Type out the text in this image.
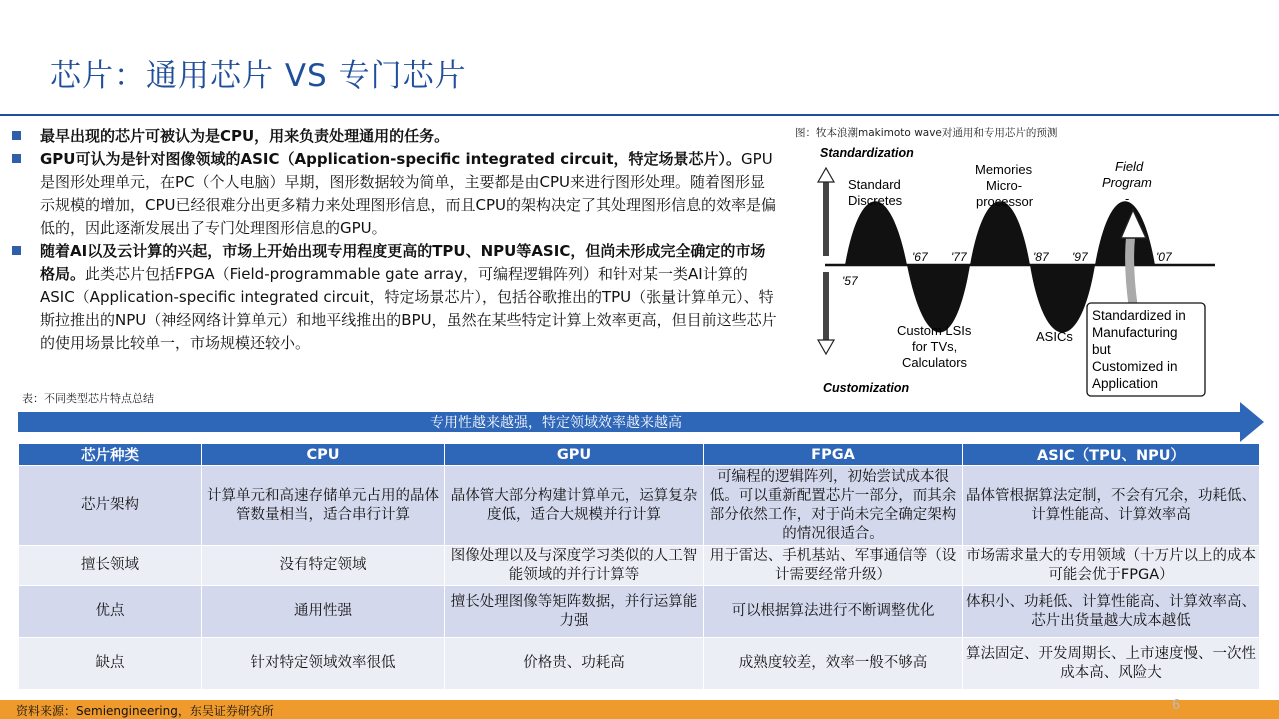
芯片：通用芯片 VS 专门芯片
最早出现的芯片可被认为是CPU，用来负责处理通用的任务。
GPU可认为是针对图像领域的ASIC（Application-specific integrated circuit，特定场景芯片）。GPU是图形处理单元，在PC（个人电脑）早期，图形数据较为简单，主要都是由CPU来进行图形处理。随着图形显示规模的增加，CPU已经很难分出更多精力来处理图形信息，而且CPU的架构决定了其处理图形信息的效率是偏低的，因此逐渐发展出了专门处理图形信息的GPU。
随着AI以及云计算的兴起，市场上开始出现专用程度更高的TPU、NPU等ASIC，但尚未形成完全确定的市场格局。此类芯片包括FPGA（Field-programmable gate array，可编程逻辑阵列）和针对某一类AI计算的ASIC（Application-specific integrated circuit，特定场景芯片），包括谷歌推出的TPU（张量计算单元）、特斯拉推出的NPU（神经网络计算单元）和地平线推出的BPU，虽然在某些特定计算上效率更高，但目前这些芯片的使用场景比较单一，市场规模还较小。
图：牧本浪潮makimoto wave对通用和专用芯片的预测
Standardization
Customization
'57
'67 '77	'87 '97	'07
Standard
Discretes
Memories
Micro-
processor
Field
Program
-
Custom LSIs
for TVs,
Calculators
ASICs
Standardized in
Manufacturing
but
Customized in
Application
表：不同类型芯片特点总结
专用性越来越强，特定领域效率越来越高
芯片种类	CPU	GPU	FPGA	ASIC（TPU、NPU）
芯片架构	计算单元和高速存储单元占用的晶体管数量相当，适合串行计算	晶体管大部分构建计算单元，运算复杂度低，适合大规模并行计算	可编程的逻辑阵列，初始尝试成本很低。可以重新配置芯片一部分，而其余部分依然工作，对于尚未完全确定架构的情况很适合。	晶体管根据算法定制，不会有冗余，功耗低、计算性能高、计算效率高
擅长领域	没有特定领域	图像处理以及与深度学习类似的人工智能领域的并行计算等	用于雷达、手机基站、军事通信等（设计需要经常升级）	市场需求量大的专用领域（十万片以上的成本可能会优于FPGA）
优点	通用性强	擅长处理图像等矩阵数据，并行运算能力强	可以根据算法进行不断调整优化	体积小、功耗低、计算性能高、计算效率高、芯片出货量越大成本越低
缺点	针对特定领域效率很低	价格贵、功耗高	成熟度较差，效率一般不够高	算法固定、开发周期长、上市速度慢、一次性成本高、风险大
资料来源：Semiengineering，东吴证券研究所	6
